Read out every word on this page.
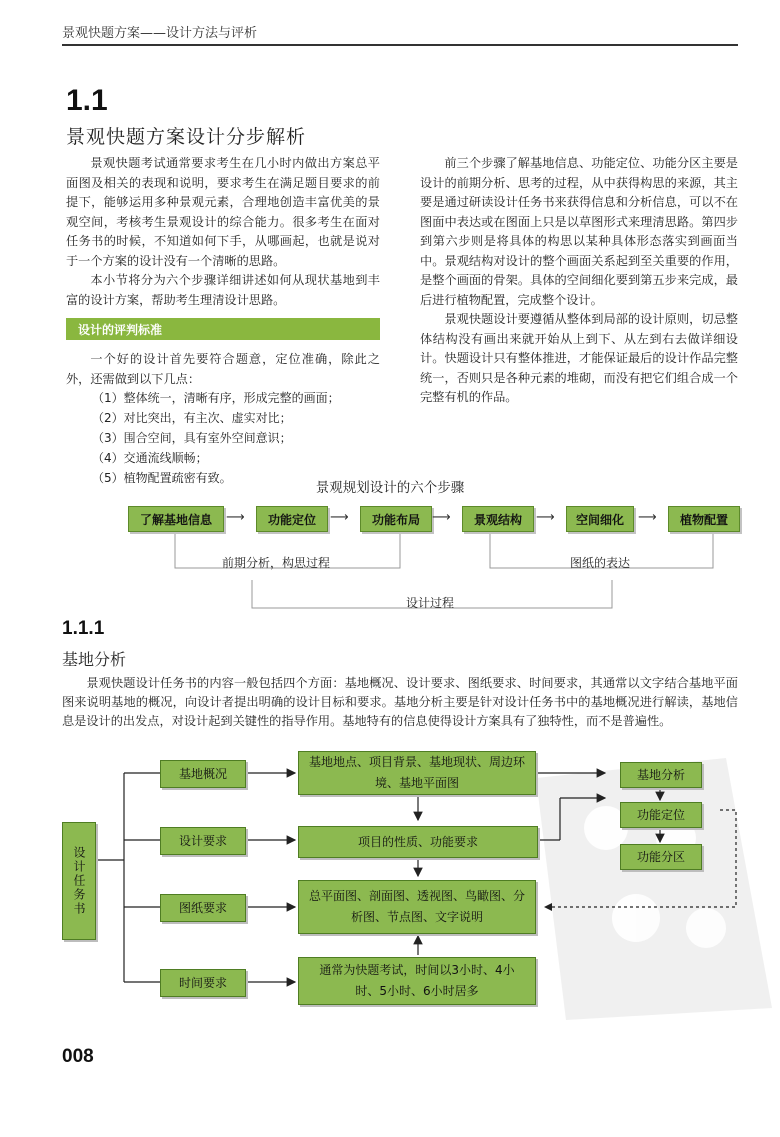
景观快题方案——设计方法与评析
1.1
景观快题方案设计分步解析

景观快题考试通常要求考生在几小时内做出方案总平面图及相关的表现和说明，要求考生在满足题目要求的前提下，能够运用多种景观元素，合理地创造丰富优美的景观空间，考核考生景观设计的综合能力。很多考生在面对任务书的时候，不知道如何下手，从哪画起，也就是说对于一个方案的设计没有一个清晰的思路。

本小节将分为六个步骤详细讲述如何从现状基地到丰富的设计方案，帮助考生理清设计思路。

前三个步骤了解基地信息、功能定位、功能分区主要是设计的前期分析、思考的过程，从中获得构思的来源，其主要是通过研读设计任务书来获得信息和分析信息，可以不在图面中表达或在图面上只是以草图形式来理清思路。第四步到第六步则是将具体的构思以某种具体形态落实到画面当中。景观结构对设计的整个画面关系起到至关重要的作用，是整个画面的骨架。具体的空间细化要到第五步来完成，最后进行植物配置，完成整个设计。

景观快题设计要遵循从整体到局部的设计原则，切忌整体结构没有画出来就开始从上到下、从左到右去做详细设计。快题设计只有整体推进，才能保证最后的设计作品完整统一，否则只是各种元素的堆砌，而没有把它们组合成一个完整有机的作品。

设计的评判标准

一个好的设计首先要符合题意，定位准确，除此之外，还需做到以下几点：

（1）整体统一，清晰有序，形成完整的画面；
（2）对比突出，有主次、虚实对比；
（3）围合空间，具有室外空间意识；
（4）交通流线顺畅；
（5）植物配置疏密有致。
景观规划设计的六个步骤
了解基地信息	⟶	功能定位	⟶	功能布局 ⟶	景观结构	⟶	空间细化	⟶	植物配置
前期分析，构思过程	图纸的表达
设计过程
1.1.1
基地分析

景观快题设计任务书的内容一般包括四个方面：基地概况、设计要求、图纸要求、时间要求，其通常以文字结合基地平面图来说明基地的概况，向设计者提出明确的设计目标和要求。基地分析主要是针对设计任务书中的基地概况进行解读，基地信息是设计的出发点，对设计起到关键性的指导作用。基地特有的信息使得设计方案具有了独特性，而不是普遍性。

设计任务书
基地概况
设计要求
图纸要求
时间要求
基地地点、项目背景、基地现状、周边环境、基地平面图
项目的性质、功能要求
总平面图、剖面图、透视图、鸟瞰图、分析图、节点图、文字说明
通常为快题考试，时间以3小时、4小时、5小时、6小时居多
基地分析
功能定位
功能分区
008
